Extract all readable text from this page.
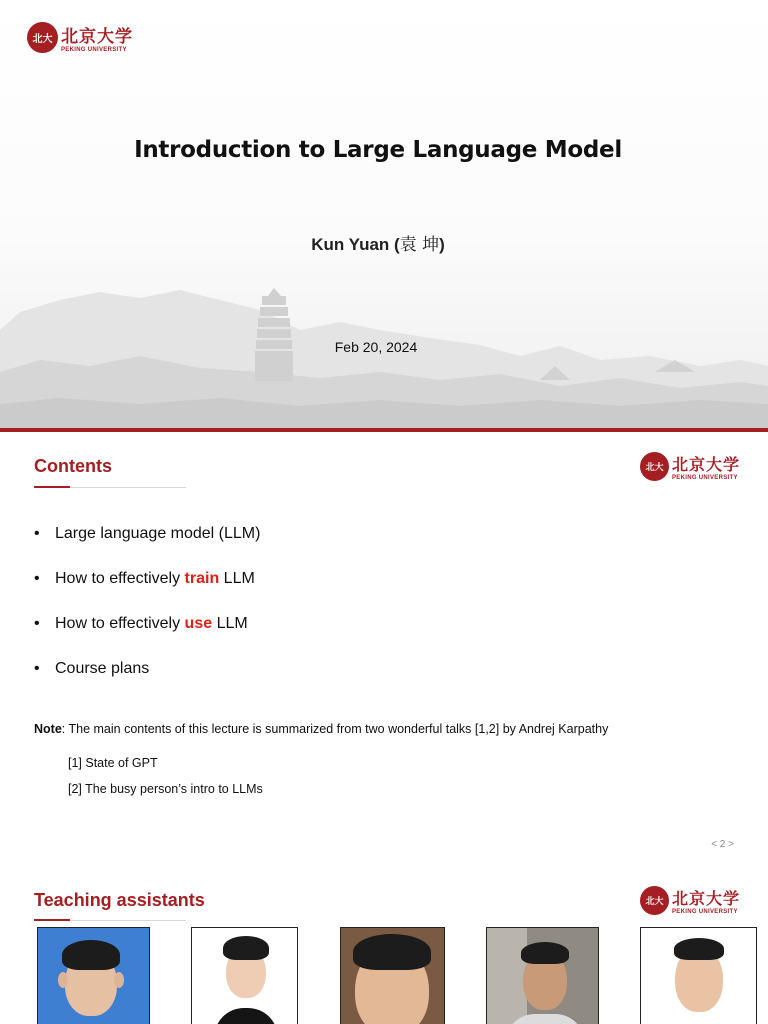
北大 北京大学
PEKING UNIVERSITY
Introduction to Large Language Model
Kun Yuan (袁 坤)
Feb 20, 2024
Contents	北大 北京大学
PEKING UNIVERSITY
• Large language model (LLM)
• How to effectively train LLM
• How to effectively use LLM
• Course plans
Note: The main contents of this lecture is summarized from two wonderful talks [1,2] by Andrej Karpathy
[1] State of GPT
[2] The busy person’s intro to LLMs
< 2 >
Teaching assistants	北大 北京大学
PEKING UNIVERSITY
